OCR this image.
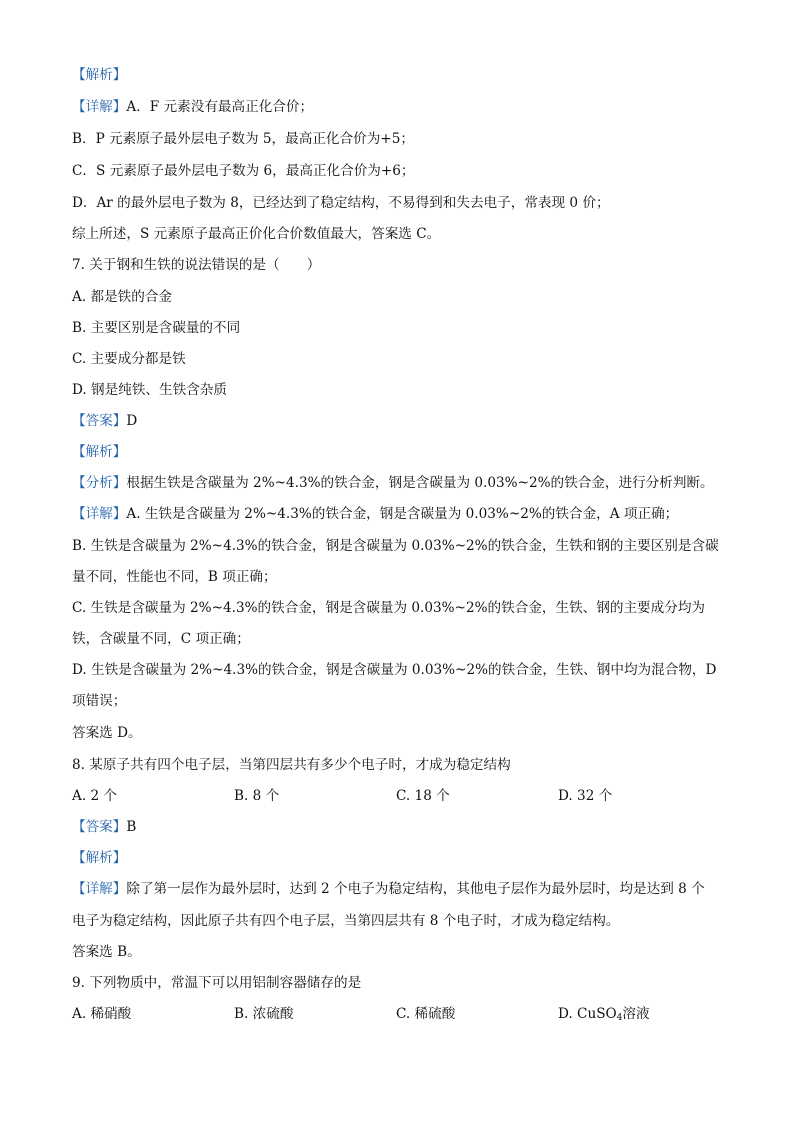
【解析】
【详解】A．F 元素没有最高正化合价；
B．P 元素原子最外层电子数为 5，最高正化合价为+5；
C．S 元素原子最外层电子数为 6，最高正化合价为+6；
D．Ar 的最外层电子数为 8，已经达到了稳定结构，不易得到和失去电子，常表现 0 价；
综上所述，S 元素原子最高正价化合价数值最大，答案选 C。
7. 关于钢和生铁的说法错误的是（　　）
A. 都是铁的合金
B. 主要区别是含碳量的不同
C. 主要成分都是铁
D. 钢是纯铁、生铁含杂质
【答案】D
【解析】
【分析】根据生铁是含碳量为 2%~4.3%的铁合金，钢是含碳量为 0.03%~2%的铁合金，进行分析判断。
【详解】A. 生铁是含碳量为 2%~4.3%的铁合金，钢是含碳量为 0.03%~2%的铁合金，A 项正确；
B. 生铁是含碳量为 2%~4.3%的铁合金，钢是含碳量为 0.03%~2%的铁合金，生铁和钢的主要区别是含碳
量不同，性能也不同，B 项正确；
C. 生铁是含碳量为 2%~4.3%的铁合金，钢是含碳量为 0.03%~2%的铁合金，生铁、钢的主要成分均为
铁，含碳量不同，C 项正确；
D. 生铁是含碳量为 2%~4.3%的铁合金，钢是含碳量为 0.03%~2%的铁合金，生铁、钢中均为混合物，D
项错误；
答案选 D。
8. 某原子共有四个电子层，当第四层共有多少个电子时，才成为稳定结构
A. 2 个	B. 8 个	C. 18 个	D. 32 个
【答案】B
【解析】
【详解】除了第一层作为最外层时，达到 2 个电子为稳定结构，其他电子层作为最外层时，均是达到 8 个
电子为稳定结构，因此原子共有四个电子层，当第四层共有 8 个电子时，才成为稳定结构。
答案选 B。
9. 下列物质中，常温下可以用铝制容器储存的是
A. 稀硝酸	B. 浓硫酸	C. 稀硫酸	D. CuSO$_4$溶液
